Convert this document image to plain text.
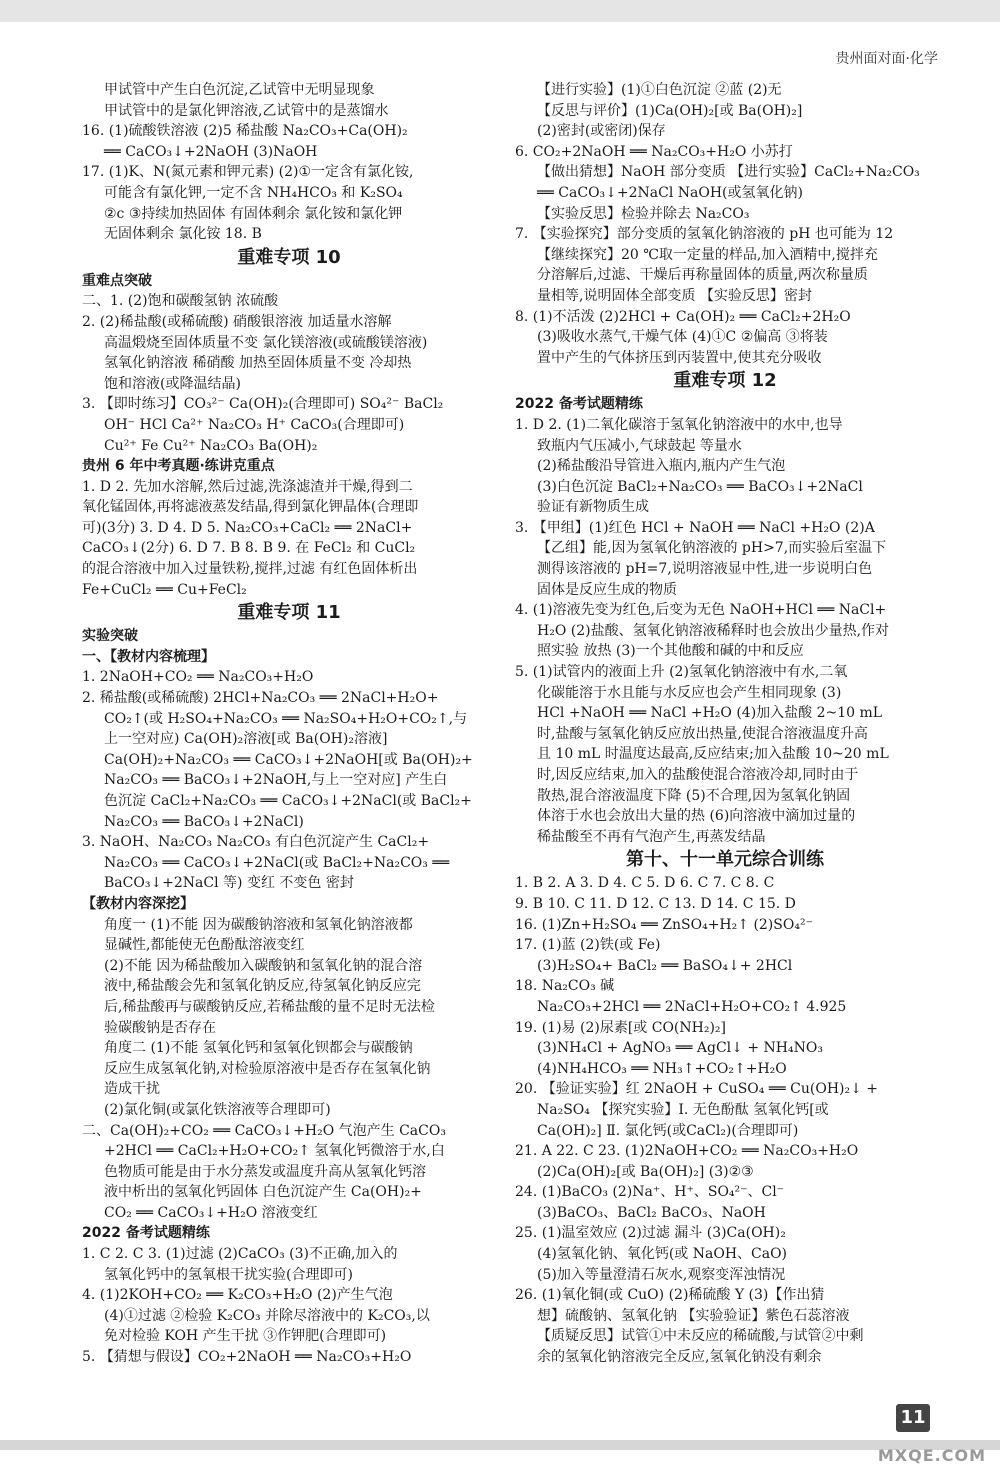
贵州面对面·化学
甲试管中产生白色沉淀,乙试管中无明显现象
甲试管中的是氯化钾溶液,乙试管中的是蒸馏水
16. (1)硫酸铁溶液 (2)5 稀盐酸 Na₂CO₃+Ca(OH)₂
══ CaCO₃↓+2NaOH (3)NaOH
17. (1)K、N(氮元素和钾元素) (2)①一定含有氯化铵,
可能含有氯化钾,一定不含 NH₄HCO₃ 和 K₂SO₄
②c ③持续加热固体 有固体剩余 氯化铵和氯化钾
无固体剩余 氯化铵 18. B
重难专项 10
重难点突破
二、1. (2)饱和碳酸氢钠 浓硫酸
2. (2)稀盐酸(或稀硫酸) 硝酸银溶液 加适量水溶解
高温煅烧至固体质量不变 氯化镁溶液(或硫酸镁溶液)
氢氧化钠溶液 稀硝酸 加热至固体质量不变 冷却热
饱和溶液(或降温结晶)
3. 【即时练习】CO₃²⁻ Ca(OH)₂(合理即可) SO₄²⁻ BaCl₂
OH⁻ HCl Ca²⁺ Na₂CO₃ H⁺ CaCO₃(合理即可)
Cu²⁺ Fe Cu²⁺ Na₂CO₃ Ba(OH)₂
贵州 6 年中考真题·练讲克重点
1. D 2. 先加水溶解,然后过滤,洗涤滤渣并干燥,得到二
氧化锰固体,再将滤液蒸发结晶,得到氯化钾晶体(合理即
可)(3分) 3. D 4. D 5. Na₂CO₃+CaCl₂ ══ 2NaCl+
CaCO₃↓(2分) 6. D 7. B 8. B 9. 在 FeCl₂ 和 CuCl₂
的混合溶液中加入过量铁粉,搅拌,过滤 有红色固体析出
Fe+CuCl₂ ══ Cu+FeCl₂
重难专项 11
实验突破
一、【教材内容梳理】
1. 2NaOH+CO₂ ══ Na₂CO₃+H₂O
2. 稀盐酸(或稀硫酸) 2HCl+Na₂CO₃ ══ 2NaCl+H₂O+
CO₂↑(或 H₂SO₄+Na₂CO₃ ══ Na₂SO₄+H₂O+CO₂↑,与
上一空对应) Ca(OH)₂溶液[或 Ba(OH)₂溶液]
Ca(OH)₂+Na₂CO₃ ══ CaCO₃↓+2NaOH[或 Ba(OH)₂+
Na₂CO₃ ══ BaCO₃↓+2NaOH,与上一空对应] 产生白
色沉淀 CaCl₂+Na₂CO₃ ══ CaCO₃↓+2NaCl(或 BaCl₂+
Na₂CO₃ ══ BaCO₃↓+2NaCl)
3. NaOH、Na₂CO₃ Na₂CO₃ 有白色沉淀产生 CaCl₂+
Na₂CO₃ ══ CaCO₃↓+2NaCl(或 BaCl₂+Na₂CO₃ ══
BaCO₃↓+2NaCl 等) 变红 不变色 密封
【教材内容深挖】
角度一 (1)不能 因为碳酸钠溶液和氢氧化钠溶液都
显碱性,都能使无色酚酞溶液变红
(2)不能 因为稀盐酸加入碳酸钠和氢氧化钠的混合溶
液中,稀盐酸会先和氢氧化钠反应,待氢氧化钠反应完
后,稀盐酸再与碳酸钠反应,若稀盐酸的量不足时无法检
验碳酸钠是否存在
角度二 (1)不能 氢氧化钙和氢氧化钡都会与碳酸钠
反应生成氢氧化钠,对检验原溶液中是否存在氢氧化钠
造成干扰
(2)氯化铜(或氯化铁溶液等合理即可)
二、Ca(OH)₂+CO₂ ══ CaCO₃↓+H₂O 气泡产生 CaCO₃
+2HCl ══ CaCl₂+H₂O+CO₂↑ 氢氧化钙微溶于水,白
色物质可能是由于水分蒸发或温度升高从氢氧化钙溶
液中析出的氢氧化钙固体 白色沉淀产生 Ca(OH)₂+
CO₂ ══ CaCO₃↓+H₂O 溶液变红
2022 备考试题精练
1. C 2. C 3. (1)过滤 (2)CaCO₃ (3)不正确,加入的
氢氧化钙中的氢氧根干扰实验(合理即可)
4. (1)2KOH+CO₂ ══ K₂CO₃+H₂O (2)产生气泡
(4)①过滤 ②检验 K₂CO₃ 并除尽溶液中的 K₂CO₃,以
免对检验 KOH 产生干扰 ③作钾肥(合理即可)
5. 【猜想与假设】CO₂+2NaOH ══ Na₂CO₃+H₂O
【进行实验】(1)①白色沉淀 ②蓝 (2)无
【反思与评价】(1)Ca(OH)₂[或 Ba(OH)₂]
(2)密封(或密闭)保存
6. CO₂+2NaOH ══ Na₂CO₃+H₂O 小苏打
【做出猜想】NaOH 部分变质 【进行实验】CaCl₂+Na₂CO₃
══ CaCO₃↓+2NaCl NaOH(或氢氧化钠)
【实验反思】检验并除去 Na₂CO₃
7. 【实验探究】部分变质的氢氧化钠溶液的 pH 也可能为 12
【继续探究】20 ℃取一定量的样品,加入酒精中,搅拌充
分溶解后,过滤、干燥后再称量固体的质量,两次称量质
量相等,说明固体全部变质 【实验反思】密封
8. (1)不活泼 (2)2HCl + Ca(OH)₂ ══ CaCl₂+2H₂O
(3)吸收水蒸气,干燥气体 (4)①C ②偏高 ③将装
置中产生的气体挤压到丙装置中,使其充分吸收
重难专项 12
2022 备考试题精练
1. D 2. (1)二氧化碳溶于氢氧化钠溶液中的水中,也导
致瓶内气压减小,气球鼓起 等量水
(2)稀盐酸沿导管进入瓶内,瓶内产生气泡
(3)白色沉淀 BaCl₂+Na₂CO₃ ══ BaCO₃↓+2NaCl
验证有新物质生成
3. 【甲组】(1)红色 HCl + NaOH ══ NaCl +H₂O (2)A
【乙组】能,因为氢氧化钠溶液的 pH>7,而实验后室温下
测得该溶液的 pH=7,说明溶液显中性,进一步说明白色
固体是反应生成的物质
4. (1)溶液先变为红色,后变为无色 NaOH+HCl ══ NaCl+
H₂O (2)盐酸、氢氧化钠溶液稀释时也会放出少量热,作对
照实验 放热 (3)一个其他酸和碱的中和反应
5. (1)试管内的液面上升 (2)氢氧化钠溶液中有水,二氧
化碳能溶于水且能与水反应也会产生相同现象 (3)
HCl +NaOH ══ NaCl +H₂O (4)加入盐酸 2~10 mL
时,盐酸与氢氧化钠反应放出热量,使混合溶液温度升高
且 10 mL 时温度达最高,反应结束;加入盐酸 10~20 mL
时,因反应结束,加入的盐酸使混合溶液冷却,同时由于
散热,混合溶液温度下降 (5)不合理,因为氢氧化钠固
体溶于水也会放出大量的热 (6)向溶液中滴加过量的
稀盐酸至不再有气泡产生,再蒸发结晶
第十、十一单元综合训练
1. B 2. A 3. D 4. C 5. D 6. C 7. C 8. C
9. B 10. C 11. D 12. C 13. D 14. C 15. D
16. (1)Zn+H₂SO₄ ══ ZnSO₄+H₂↑ (2)SO₄²⁻
17. (1)蓝 (2)铁(或 Fe)
(3)H₂SO₄+ BaCl₂ ══ BaSO₄↓+ 2HCl
18. Na₂CO₃ 碱
Na₂CO₃+2HCl ══ 2NaCl+H₂O+CO₂↑ 4.925
19. (1)易 (2)尿素[或 CO(NH₂)₂]
(3)NH₄Cl + AgNO₃ ══ AgCl↓ + NH₄NO₃
(4)NH₄HCO₃ ══ NH₃↑+CO₂↑+H₂O
20. 【验证实验】红 2NaOH + CuSO₄ ══ Cu(OH)₂↓ +
Na₂SO₄ 【探究实验】Ⅰ. 无色酚酞 氢氧化钙[或
Ca(OH)₂] Ⅱ. 氯化钙(或CaCl₂)(合理即可)
21. A 22. C 23. (1)2NaOH+CO₂ ══ Na₂CO₃+H₂O
(2)Ca(OH)₂[或 Ba(OH)₂] (3)②③
24. (1)BaCO₃ (2)Na⁺、H⁺、SO₄²⁻、Cl⁻
(3)BaCO₃、BaCl₂ BaCO₃、NaOH
25. (1)温室效应 (2)过滤 漏斗 (3)Ca(OH)₂
(4)氢氧化钠、氧化钙(或 NaOH、CaO)
(5)加入等量澄清石灰水,观察变浑浊情况
26. (1)氧化铜(或 CuO) (2)稀硫酸 Y (3)【作出猜
想】硫酸钠、氢氧化钠 【实验验证】紫色石蕊溶液
【质疑反思】试管①中未反应的稀硫酸,与试管②中剩
余的氢氧化钠溶液完全反应,氢氧化钠没有剩余
11
MXQE.COM
